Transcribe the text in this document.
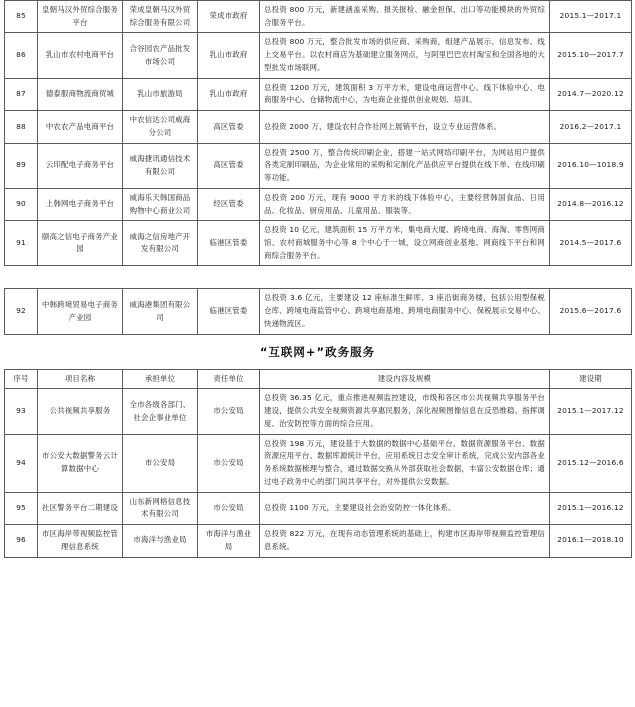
85	皇朝马汉外贸综合服务平台	荣成皇朝马汉外贸综合服务有限公司	荣成市政府	总投资 800 万元，新建涵盖采购、报关报检、融金担保、出口等功能模块的外贸综合服务平台。	2015.1—2017.1
86	乳山市农村电商平台	合谷园农产品批发市场公司	乳山市政府	总投资 800 万元，整合批发市场的供应商、采购商，组建产品展示、信息发布、线上交易平台。以农村商店为基础建立服务网点，与阿里巴巴农村淘宝和全国各地的大型批发市场联网。	2015.10—2017.7
87	德泰服商物流商贸城	乳山市旅游局	乳山市政府	总投资 1200 万元，建筑面积 3 万平方米，建设电商运营中心、线下体验中心、电商服务中心、仓储物流中心，为电商企业提供创业规划、培训。	2014.7—2020.12
88	中农农产品电商平台	中农信达公司威海分公司	高区管委	总投资 2000 万，建设农村合作社网上展销平台，设立专业运营体系。	2016.2—2017.1
89	云印配电子商务平台	威海捷讯通信技术有限公司	高区管委	总投资 2500 万，整合传统印刷企业，搭建一站式网络印刷平台，为网站用户提供各类定制印刷品，为企业常用的采购和定制化产品供应平台提供在线下单、在线印刷等功能。	2016.10—1018.9
90	上韩网电子商务平台	威海乐天韩国商品购物中心商业公司	经区管委	总投资 200 万元，现有 9000 平方米的线下体验中心，主要经营韩国食品、日用品、化妆品、厨房用品、儿童用品、服装等。	2014.8—2016.12
91	颐高之信电子商务产业园	威海之信房地产开发有限公司	临港区管委	总投资 10 亿元，建筑面积 15 万平方米，集电商大厦、跨境电商、海淘、零售网商馆、农村商城服务中心等 8 个中心于一城，设立网商创业基地、网商线下平台和网商综合服务平台。	2014.5—2017.6
92	中韩跨境贸易电子商务产业园	威海港集团有限公司	临港区管委	总投资 3.6 亿元，主要建设 12 座标准生鲜库、3 座沿街商务楼，包括公用型保税仓库、跨境电商监管中心、跨境电商基地、跨境电商服务中心、保税展示交易中心、快递物流区。	2015.6—2017.6
“互联网+”政务服务
序号	项目名称	承担单位	责任单位	建设内容及规模	建设期
93	公共视频共享服务	全市各级各部门、社会企事业单位	市公安局	总投资 36.35 亿元，重点推进视频监控建设，市级和各区市公共视频共享服务平台建设，提供公共安全视频资源共享惠民服务，深化视频图像信息在反恐维稳、指挥调度、治安防控等方面的综合应用。	2015.1—2017.12
94	市公安大数据警务云计算数据中心	市公安局	市公安局	总投资 198 万元，建设基于大数据的数据中心基础平台、数据资源服务平台、数据资源应用平台、数据库源统计平台，应用系统日志安全审计系统，完成公安内部各业务系统数据梳理与整合，通过数据交换从外部获取社会数据，丰富公安数据仓库；通过电子政务中心的部门间共享平台，对外提供公安数据。	2015.12—2016.6
95	社区警务平台二期建设	山东新网格信息技术有限公司	市公安局	总投资 1100 万元，主要建设社会治安防控一体化体系。	2015.1—2016.12
96	市区海岸带视频监控管理信息系统	市海洋与渔业局	市海洋与渔业局	总投资 822 万元，在现有动态管理系统的基础上，构建市区海岸带视频监控管理信息系统。	2016.1—2018.10
